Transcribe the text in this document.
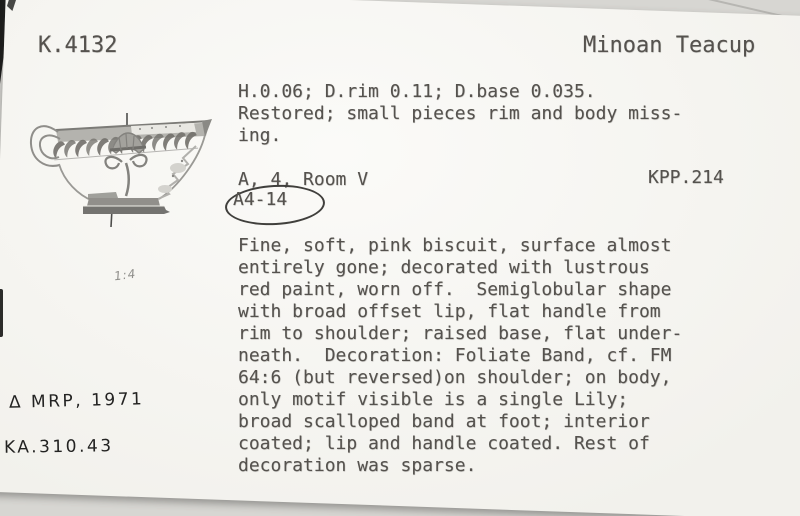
K.4132	Minoan Teacup
1:4
H.0.06; D.rim 0.11; D.base 0.035.
Restored; small pieces rim and body miss-
ing.

A, 4, Room V

Fine, soft, pink biscuit, surface almost
entirely gone; decorated with lustrous
red paint, worn off.  Semiglobular shape
with broad offset lip, flat handle from
rim to shoulder; raised base, flat under-
neath.  Decoration: Foliate Band, cf. FM
64:6 (but reversed)on shoulder; on body,
only motif visible is a single Lily;
broad scalloped band at foot; interior
coated; lip and handle coated. Rest of
decoration was sparse.
KPP.214
A4-14
Δ MRP, 1971
KA.310.43
